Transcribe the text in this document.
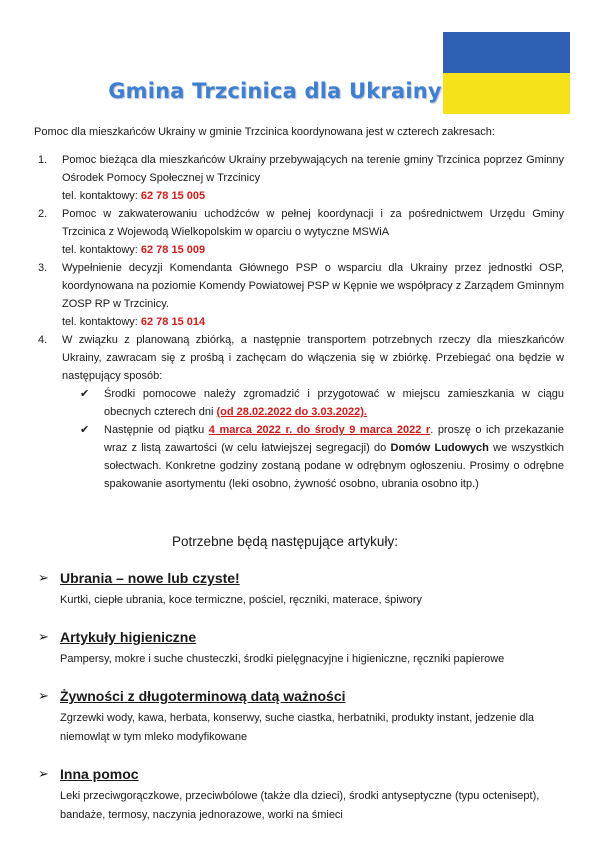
Gmina Trzcinica dla Ukrainy
Pomoc dla mieszkańców Ukrainy w gminie Trzcinica koordynowana jest w czterech zakresach:
1. Pomoc bieżąca dla mieszkańców Ukrainy przebywających na terenie gminy Trzcinica poprzez Gminny Ośrodek Pomocy Społecznej w Trzcinicy
tel. kontaktowy: 62 78 15 005
2. Pomoc w zakwaterowaniu uchodźców w pełnej koordynacji i za pośrednictwem Urzędu Gminy Trzcinica z Wojewodą Wielkopolskim w oparciu o wytyczne MSWiA
tel. kontaktowy: 62 78 15 009
3. Wypełnienie decyzji Komendanta Głównego PSP o wsparciu dla Ukrainy przez jednostki OSP, koordynowana na poziomie Komendy Powiatowej PSP w Kępnie we współpracy z Zarządem Gminnym ZOSP RP w Trzcinicy.
tel. kontaktowy: 62 78 15 014
4. W związku z planowaną zbiórką, a następnie transportem potrzebnych rzeczy dla mieszkańców Ukrainy, zawracam się z prośbą i zachęcam do włączenia się w zbiórkę. Przebiegać ona będzie w następujący sposób:
✔ Środki pomocowe należy zgromadzić i przygotować w miejscu zamieszkania w ciągu obecnych czterech dni (od 28.02.2022 do 3.03.2022).
✔ Następnie od piątku 4 marca 2022 r. do środy 9 marca 2022 r. proszę o ich przekazanie wraz z listą zawartości (w celu łatwiejszej segregacji) do Domów Ludowych we wszystkich sołectwach. Konkretne godziny zostaną podane w odrębnym ogłoszeniu. Prosimy o odrębne spakowanie asortymentu (leki osobno, żywność osobno, ubrania osobno itp.)
Potrzebne będą następujące artykuły:
➢ Ubrania – nowe lub czyste!
Kurtki, ciepłe ubrania, koce termiczne, pościel, ręczniki, materace, śpiwory
➢ Artykuły higieniczne
Pampersy, mokre i suche chusteczki, środki pielęgnacyjne i higieniczne, ręczniki papierowe
➢ Żywności z długoterminową datą ważności
Zgrzewki wody, kawa, herbata, konserwy, suche ciastka, herbatniki, produkty instant, jedzenie dla niemowląt w tym mleko modyfikowane
➢ Inna pomoc
Leki przeciwgorączkowe, przeciwbólowe (także dla dzieci), środki antyseptyczne (typu octenisept), bandaże, termosy, naczynia jednorazowe, worki na śmieci
